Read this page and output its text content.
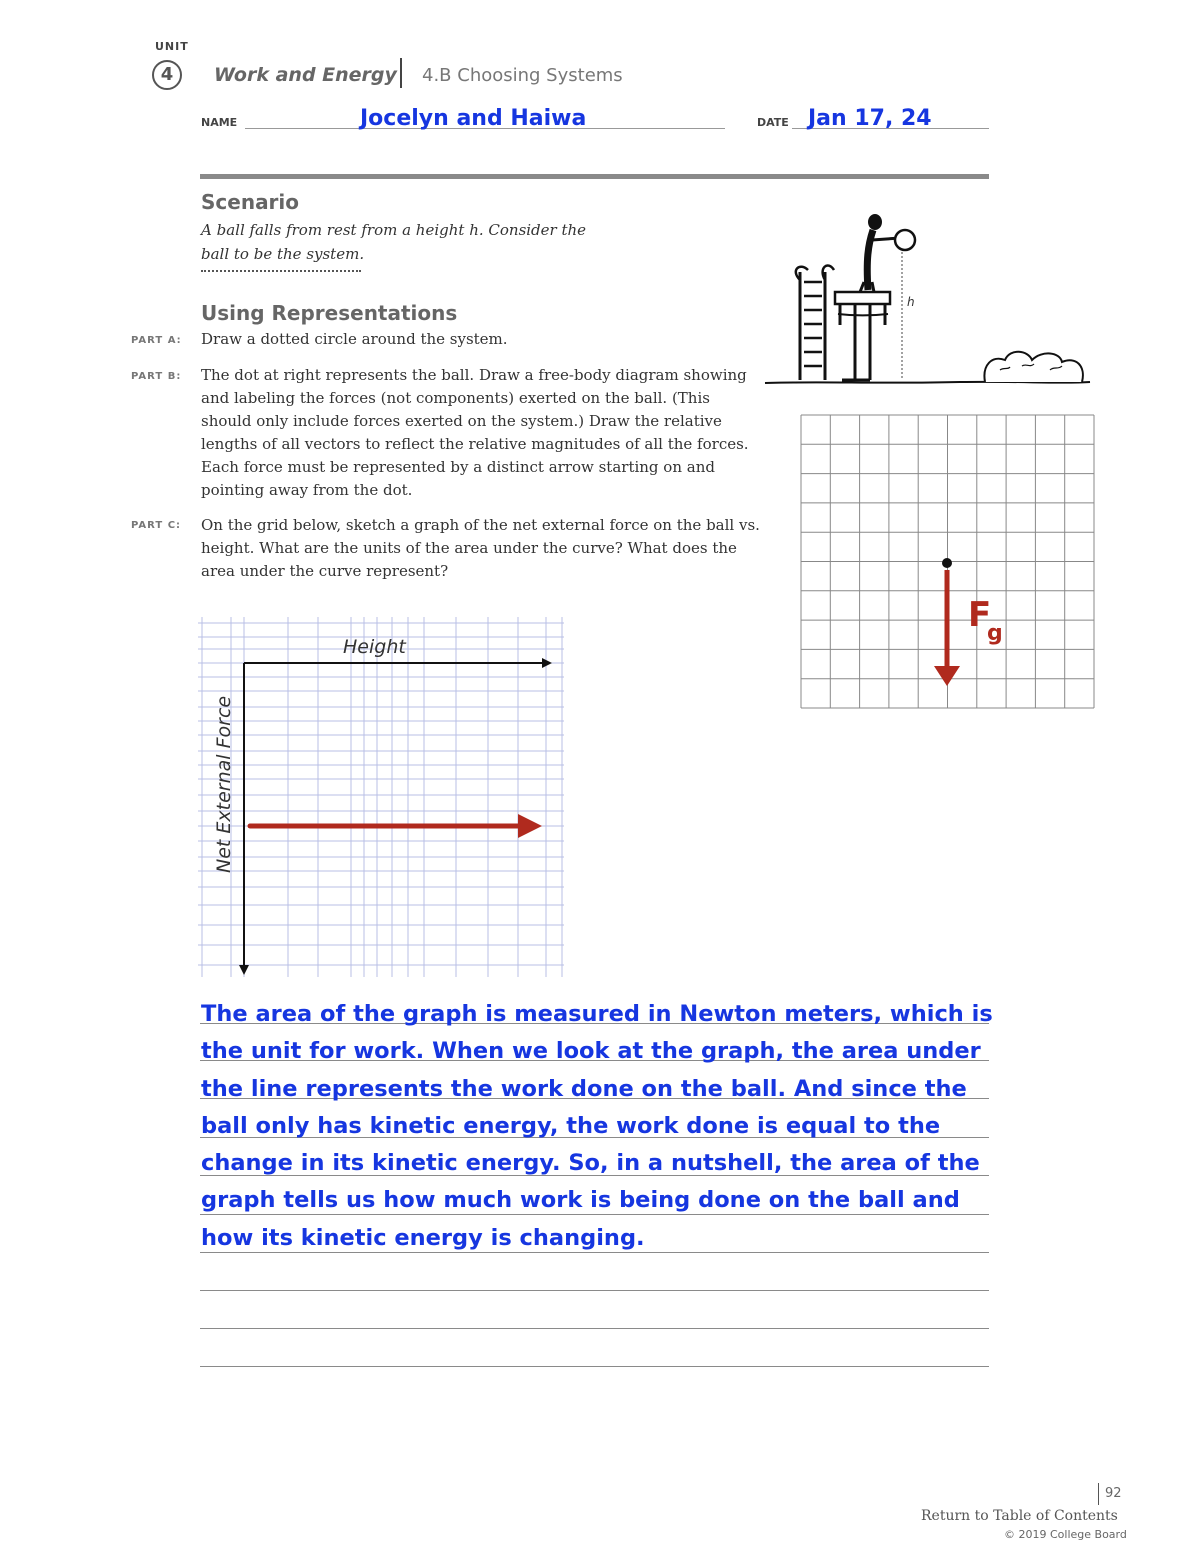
UNIT
4	Work and Energy 4.B Choosing Systems
NAME	Jocelyn and Haiwa	DATE Jan 17, 24
Scenario
A ball falls from rest from a height h. Consider the ball to be the system.
h
Using Representations
PART A: Draw a dotted circle around the system.
PART B: The dot at right represents the ball. Draw a free-body diagram showing and labeling the forces (not components) exerted on the ball. (This should only include forces exerted on the system.) Draw the relative lengths of all vectors to reflect the relative magnitudes of all the forces. Each force must be represented by a distinct arrow starting on and pointing away from the dot.
PART C: On the grid below, sketch a graph of the net external force on the ball vs. height. What are the units of the area under the curve? What does the area under the curve represent?
F
g
Height
Net External Force
The area of the graph is measured in Newton meters, which is the unit for work. When we look at the graph, the area under the line represents the work done on the ball. And since the ball only has kinetic energy, the work done is equal to the change in its kinetic energy. So, in a nutshell, the area of the graph tells us how much work is being done on the ball and how its kinetic energy is changing.
92
Return to Table of Contents
© 2019 College Board
